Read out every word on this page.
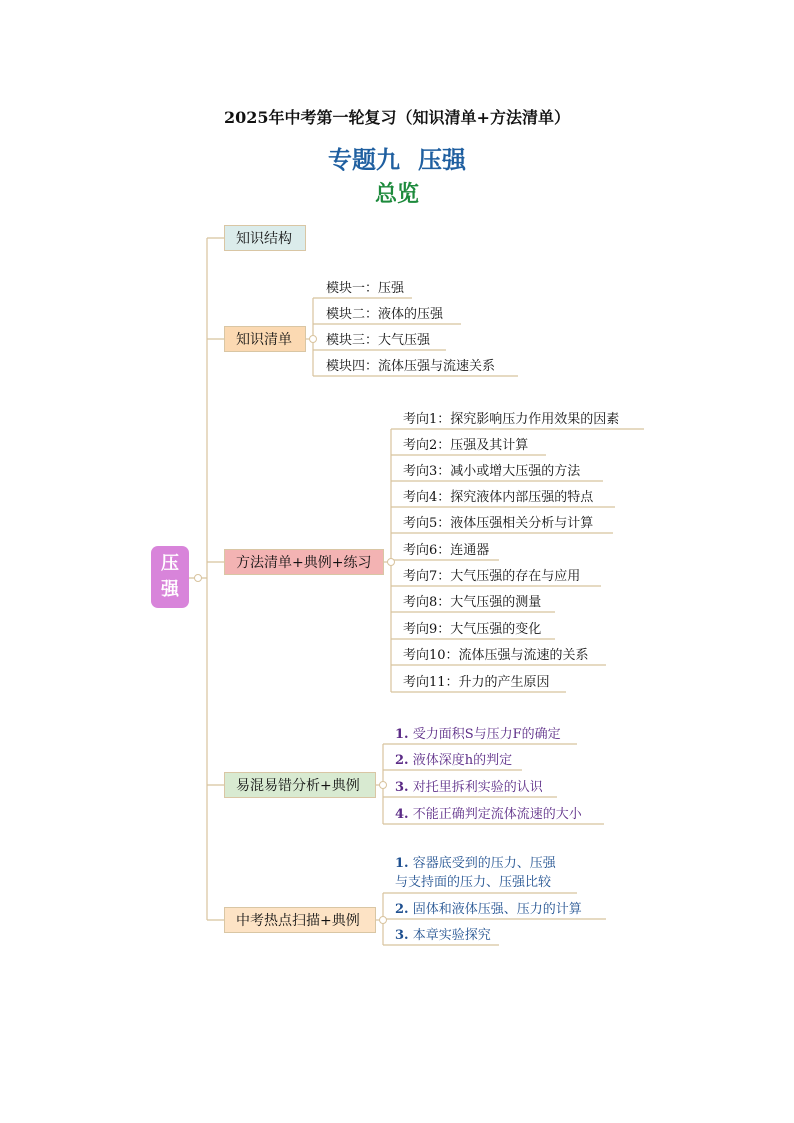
2025年中考第一轮复习（知识清单+方法清单）
专题九 压强
总览
压
强
知识结构
知识清单
方法清单+典例+练习
易混易错分析+典例
中考热点扫描+典例
模块一：压强
模块二：液体的压强
模块三：大气压强
模块四：流体压强与流速关系
考向1：探究影响压力作用效果的因素
考向2：压强及其计算
考向3：减小或增大压强的方法
考向4：探究液体内部压强的特点
考向5：液体压强相关分析与计算
考向6：连通器
考向7：大气压强的存在与应用
考向8：大气压强的测量
考向9：大气压强的变化
考向10：流体压强与流速的关系
考向11：升力的产生原因
1. 受力面积S与压力F的确定
2. 液体深度h的判定
3. 对托里拆利实验的认识
4. 不能正确判定流体流速的大小
1. 容器底受到的压力、压强
与支持面的压力、压强比较
2. 固体和液体压强、压力的计算
3. 本章实验探究
